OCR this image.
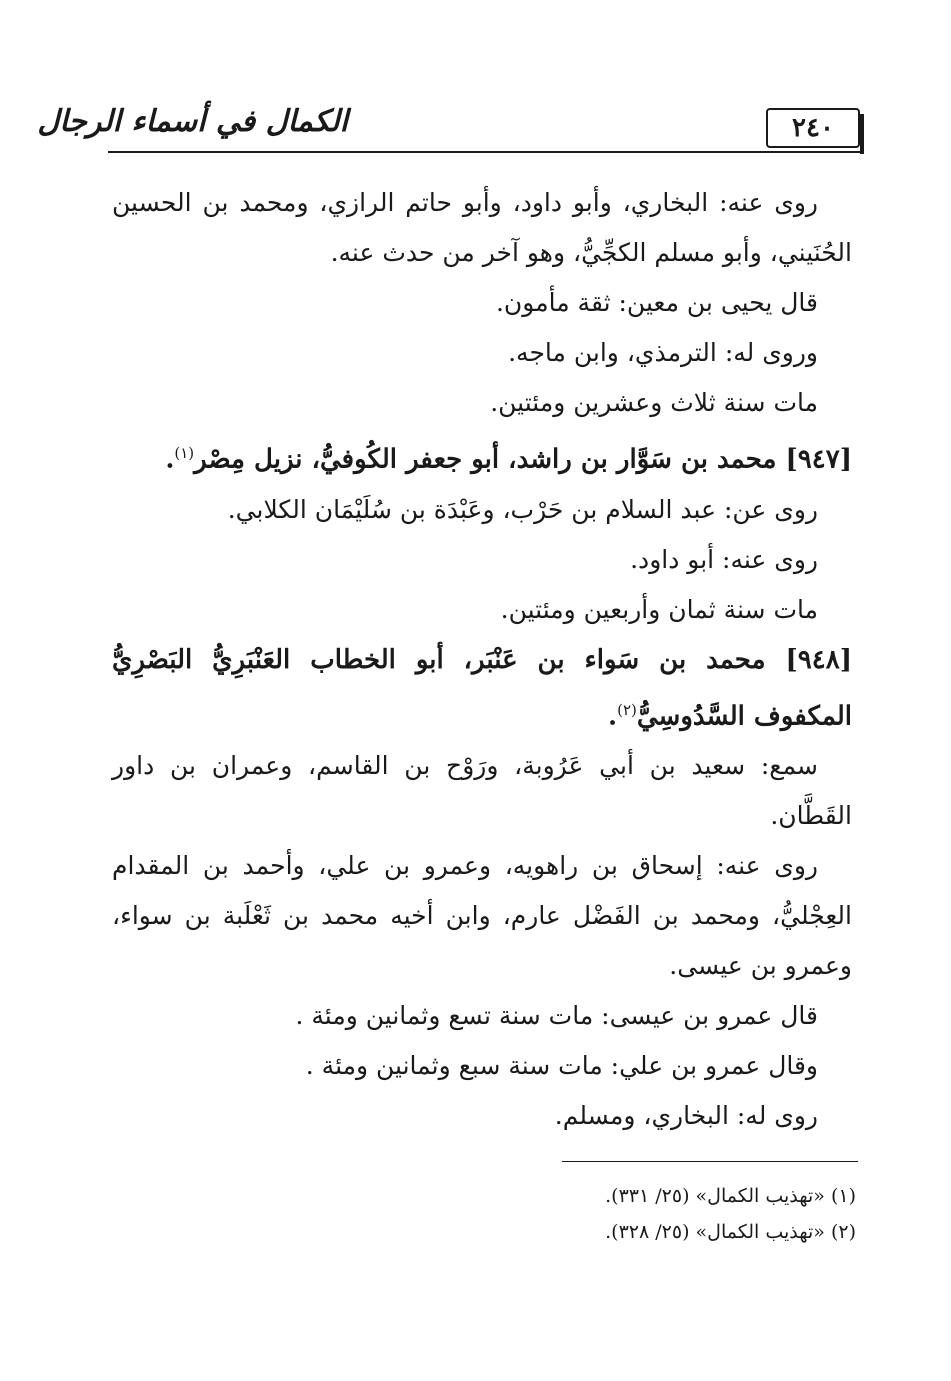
٢٤٠
الكمال في أسماء الرجال

روى عنه: البخاري، وأبو داود، وأبو حاتم الرازي، ومحمد بن الحسين الحُنَيني، وأبو مسلم الكجِّيُّ، وهو آخر من حدث عنه.

قال يحيى بن معين: ثقة مأمون.

وروى له: الترمذي، وابن ماجه.

مات سنة ثلاث وعشرين ومئتين.

[٩٤٧] محمد بن سَوَّار بن راشد، أبو جعفر الكُوفيُّ، نزيل مِصْر$^{(١)}$.

روى عن: عبد السلام بن حَرْب، وعَبْدَة بن سُلَيْمَان الكلابي.

روى عنه: أبو داود.

مات سنة ثمان وأربعين ومئتين.

[٩٤٨] محمد بن سَواء بن عَنْبَر، أبو الخطاب العَنْبَرِيُّ البَصْرِيُّ المكفوف السَّدُوسِيُّ$^{(٢)}$.

سمع: سعيد بن أبي عَرُوبة، ورَوْح بن القاسم، وعمران بن داور القَطَّان.

روى عنه: إسحاق بن راهويه، وعمرو بن علي، وأحمد بن المقدام العِجْليُّ، ومحمد بن الفَضْل عارم، وابن أخيه محمد بن ثَعْلَبة بن سواء، وعمرو بن عيسى.

قال عمرو بن عيسى: مات سنة تسع وثمانين ومئة .

وقال عمرو بن علي: مات سنة سبع وثمانين ومئة .

روى له: البخاري، ومسلم.

(١) «تهذيب الكمال» (٢٥/ ٣٣١).

(٢) «تهذيب الكمال» (٢٥/ ٣٢٨).
